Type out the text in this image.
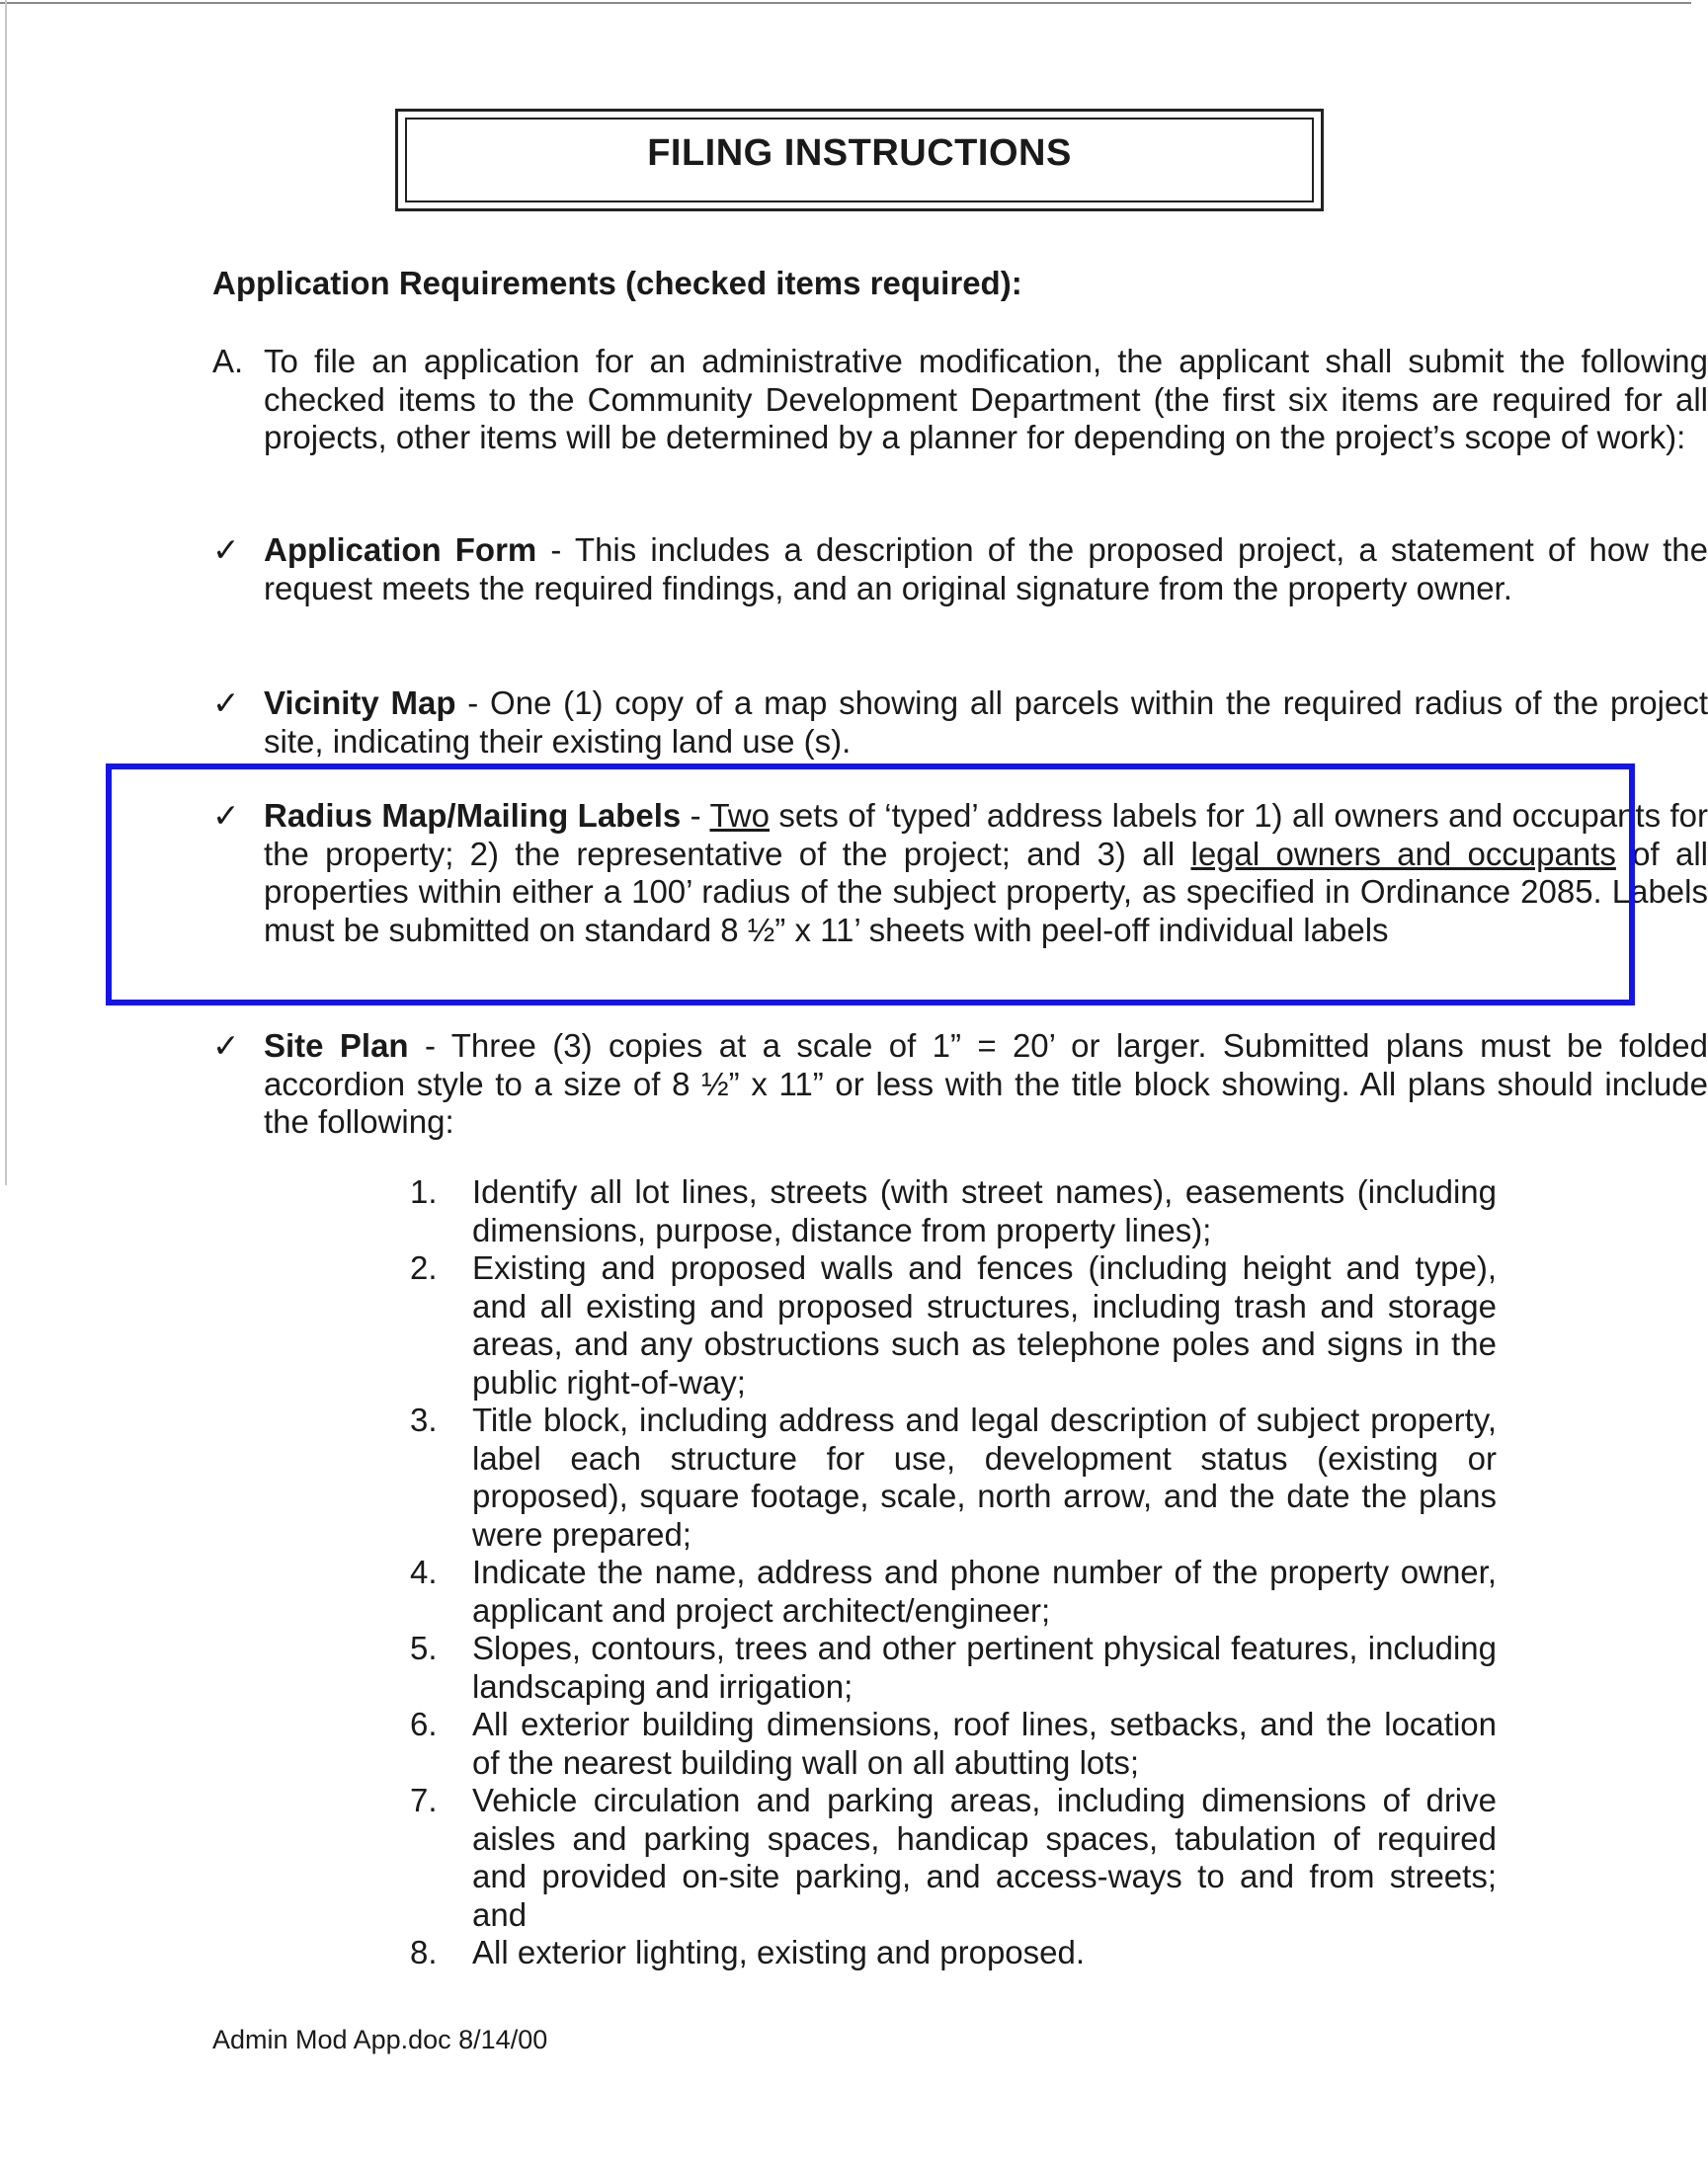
FILING INSTRUCTIONS
Application Requirements (checked items required):
A. To file an application for an administrative modification, the applicant shall submit the following checked items to the Community Development Department (the first six items are required for all projects, other items will be determined by a planner for depending on the project’s scope of work):
✓ Application Form - This includes a description of the proposed project, a statement of how the request meets the required findings, and an original signature from the property owner.
✓ Vicinity Map - One (1) copy of a map showing all parcels within the required radius of the project site, indicating their existing land use (s).
✓ Radius Map/Mailing Labels - Two sets of ‘typed’ address labels for 1) all owners and occupants for the property; 2) the representative of the project; and 3) all legal owners and occupants of all properties within either a 100’ radius of the subject property, as specified in Ordinance 2085. Labels must be submitted on standard 8 ½” x 11’ sheets with peel-off individual labels
✓ Site Plan - Three (3) copies at a scale of 1” = 20’ or larger. Submitted plans must be folded accordion style to a size of 8 ½” x 11” or less with the title block showing. All plans should include the following:
1. Identify all lot lines, streets (with street names), easements (including dimensions, purpose, distance from property lines);
2. Existing and proposed walls and fences (including height and type), and all existing and proposed structures, including trash and storage areas, and any obstructions such as telephone poles and signs in the public right-of-way;
3. Title block, including address and legal description of subject property, label each structure for use, development status (existing or proposed), square footage, scale, north arrow, and the date the plans were prepared;
4. Indicate the name, address and phone number of the property owner, applicant and project architect/engineer;
5. Slopes, contours, trees and other pertinent physical features, including landscaping and irrigation;
6. All exterior building dimensions, roof lines, setbacks, and the location of the nearest building wall on all abutting lots;
7. Vehicle circulation and parking areas, including dimensions of drive aisles and parking spaces, handicap spaces, tabulation of required and provided on-site parking, and access-ways to and from streets; and
8. All exterior lighting, existing and proposed.
Admin Mod App.doc 8/14/00
